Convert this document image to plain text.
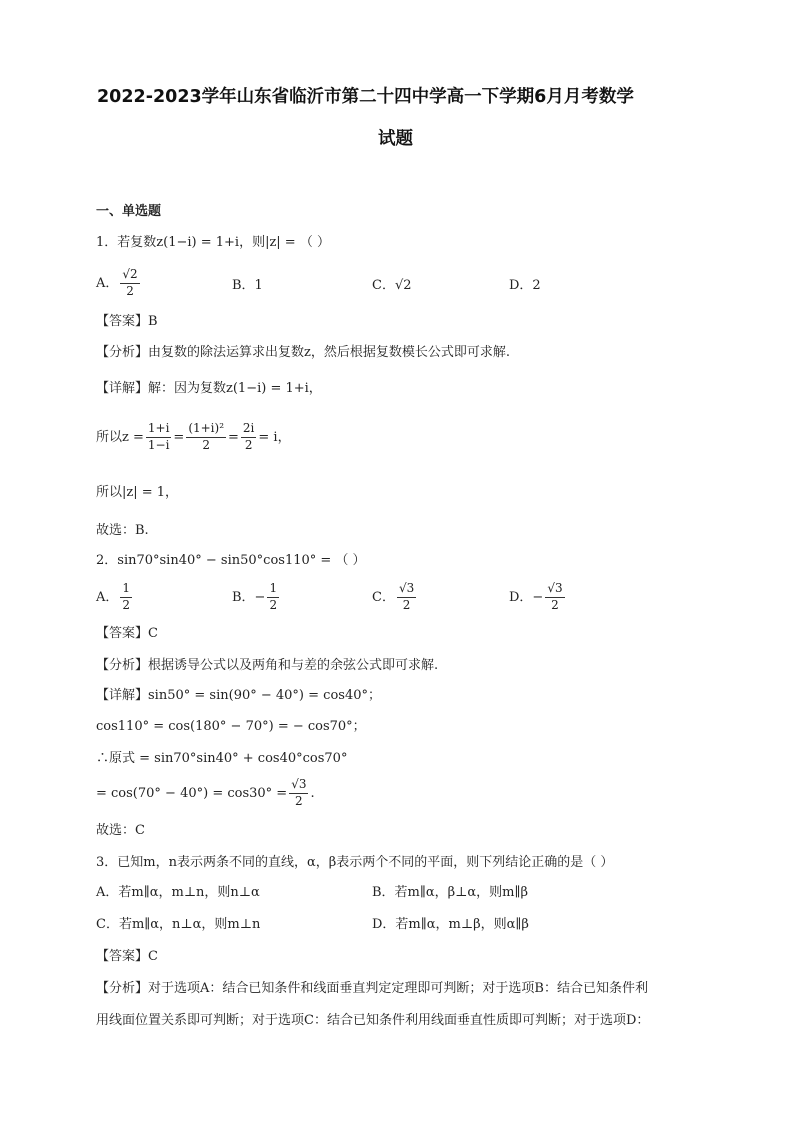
2022-2023学年山东省临沂市第二十四中学高一下学期6月月考数学
试题
一、单选题
1．若复数z(1−i) = 1+i，则|z| = （ ）
A． $\frac{√2}{2}$	B．1	C．√2	D．2
【答案】B
【分析】由复数的除法运算求出复数z，然后根据复数模长公式即可求解.
【详解】解：因为复数z(1−i) = 1+i，
所以$z = \frac{1+i}{1-i} = \frac{\text{(1+i)²}}{2} = \frac{2i}{2} = i$，
所以|z| = 1，
故选：B.
2．sin70°sin40° − sin50°cos110° = （ ）
A． $\frac{1}{2}$	B．− $\frac{1}{2}$	C． $\frac{√3}{2}$	D．− $\frac{√3}{2}$
【答案】C
【分析】根据诱导公式以及两角和与差的余弦公式即可求解.
【详解】sin50° = sin(90° − 40°) = cos40°；
cos110° = cos(180° − 70°) = − cos70°；
∴原式 = sin70°sin40° + cos40°cos70°
= $\cos(70^\circ - 40^\circ) = \cos 30^\circ = \frac{√3}{2}$ .
故选：C
3．已知m，n表示两条不同的直线，α，β表示两个不同的平面，则下列结论正确的是（ ）
A．若m∥α，m⊥n，则n⊥α	B．若m∥α，β⊥α，则m∥β
C．若m∥α，n⊥α，则m⊥n	D．若m∥α，m⊥β，则α∥β
【答案】C
【分析】对于选项A：结合已知条件和线面垂直判定定理即可判断；对于选项B：结合已知条件利
用线面位置关系即可判断；对于选项C：结合已知条件利用线面垂直性质即可判断；对于选项D：
